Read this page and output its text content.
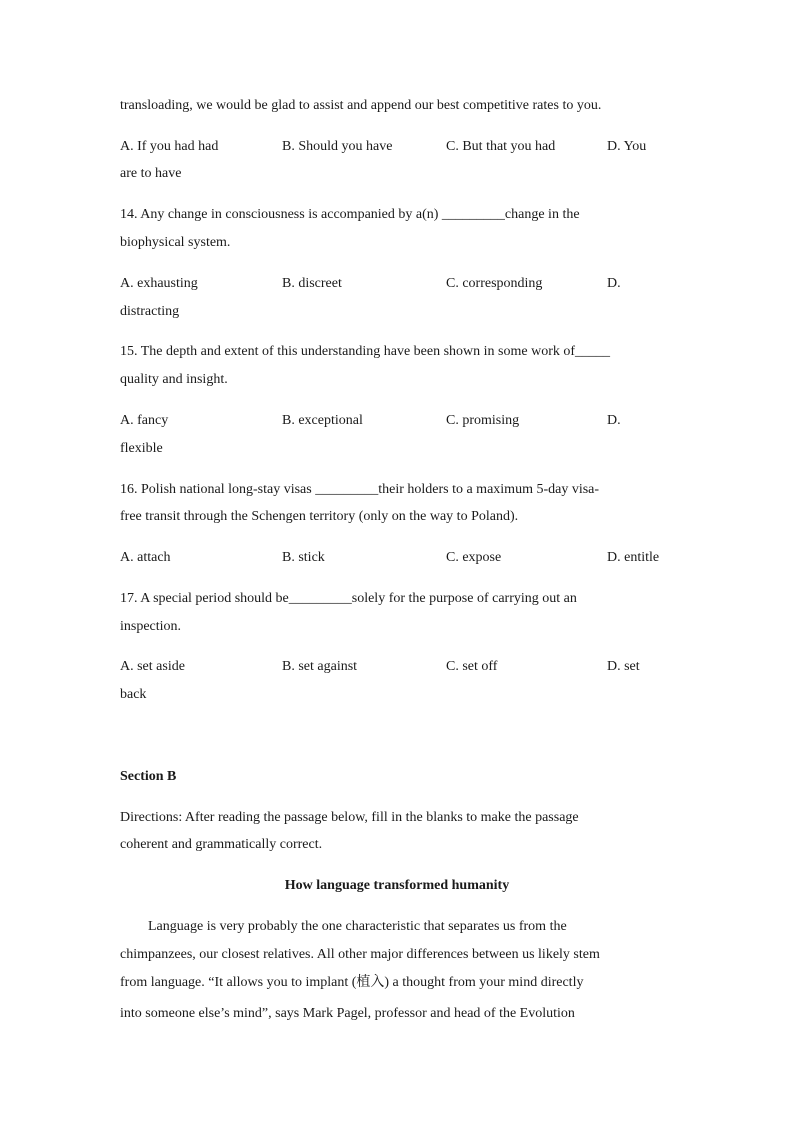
transloading, we would be glad to assist and append our best competitive rates to you.
A. If you had had	B. Should you have	C. But that you had	D. You
are to have
14. Any change in consciousness is accompanied by a(n) _________change in the
biophysical system.
A. exhausting	B. discreet	C. corresponding	D.
distracting
15. The depth and extent of this understanding have been shown in some work of_____
quality and insight.
A. fancy	B. exceptional	C. promising	D.
flexible
16. Polish national long-stay visas _________their holders to a maximum 5-day visa-
free transit through the Schengen territory (only on the way to Poland).
A. attach	B. stick	C. expose	D. entitle
17. A special period should be_________solely for the purpose of carrying out an
inspection.
A. set aside	B. set against	C. set off	D. set
back
Section B
Directions: After reading the passage below, fill in the blanks to make the passage
coherent and grammatically correct.
How language transformed humanity
Language is very probably the one characteristic that separates us from the
chimpanzees, our closest relatives. All other major differences between us likely stem
from language. “It allows you to implant (植入) a thought from your mind directly
into someone else’s mind”, says Mark Pagel, professor and head of the Evolution
